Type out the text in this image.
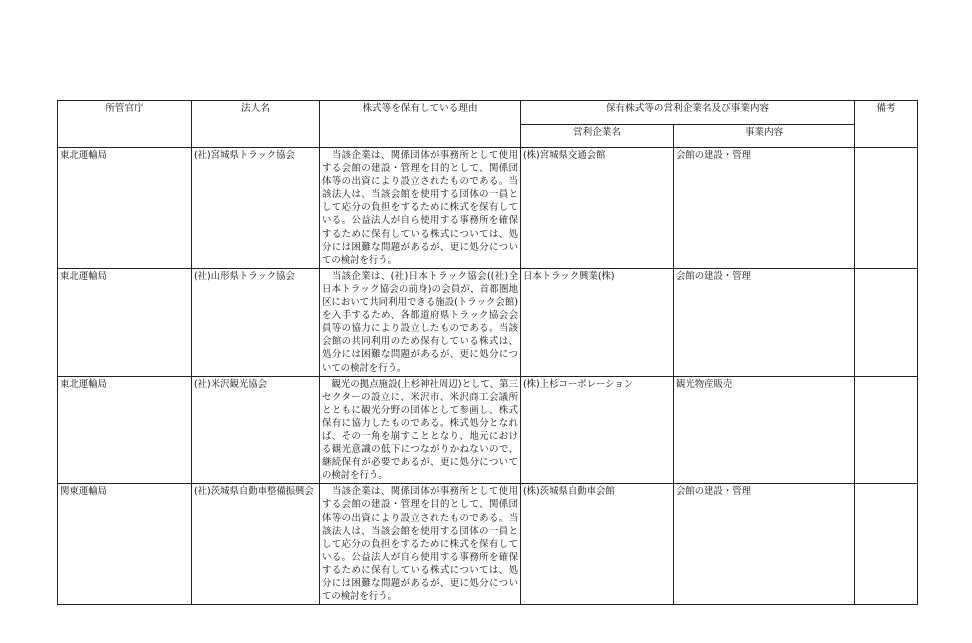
所管官庁	法人名	株式等を保有している理由	保有株式等の営利企業名及び事業内容		備考
			営利企業名	事業内容	
東北運輸局	(社)宮城県トラック協会	　当該企業は、関係団体が事務所として使用する会館の建設・管理を目的として、関係団体等の出資により設立されたものである。当該法人は、当該会館を使用する団体の一員として応分の負担をするために株式を保有している。公益法人が自ら使用する事務所を確保するために保有している株式については、処分には困難な問題があるが、更に処分についての検討を行う。	(株)宮城県交通会館	会館の建設・管理	
東北運輸局	(社)山形県トラック協会	　当該企業は、(社)日本トラック協会((社)全日本トラック協会の前身)の会員が、首都圏地区において共同利用できる施設(トラック会館)を入手するため、各都道府県トラック協会会員等の協力により設立したものである。当該会館の共同利用のため保有している株式は、処分には困難な問題があるが、更に処分についての検討を行う。	日本トラック興業(株)	会館の建設・管理	
東北運輸局	(社)米沢観光協会	　観光の拠点施設(上杉神社周辺)として、第三セクターの設立に、米沢市、米沢商工会議所とともに観光分野の団体として参画し、株式保有に協力したものである。株式処分となれば、その一角を崩すこととなり、地元における観光意識の低下につながりかねないので、継続保有が必要であるが、更に処分についての検討を行う。	(株)上杉コーポレーション	観光物産販売	
関東運輸局	(社)茨城県自動車整備振興会	　当該企業は、関係団体が事務所として使用する会館の建設・管理を目的として、関係団体等の出資により設立されたものである。当該法人は、当該会館を使用する団体の一員として応分の負担をするために株式を保有している。公益法人が自ら使用する事務所を確保するために保有している株式については、処分には困難な問題があるが、更に処分についての検討を行う。	(株)茨城県自動車会館	会館の建設・管理	
